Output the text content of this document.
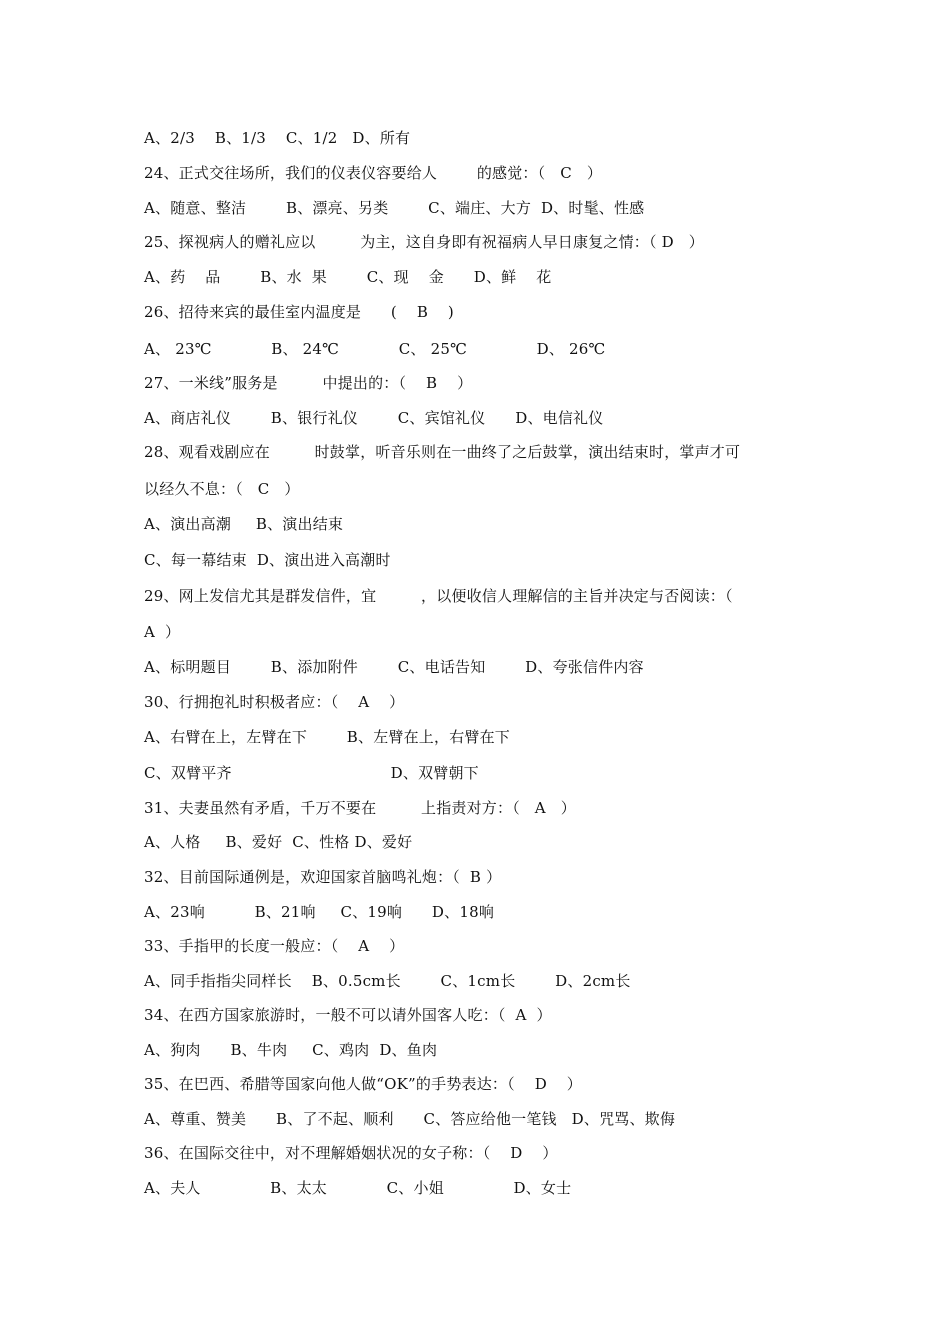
A、2/3    B、1/3    C、1/2   D、所有
24、正式交往场所，我们的仪表仪容要给人        的感觉：（   C   ）
A、随意、整洁        B、漂亮、另类        C、端庄、大方  D、时髦、性感
25、探视病人的赠礼应以         为主，这自身即有祝福病人早日康复之情：（ D   ）
A、药    品        B、水  果        C、现    金      D、鲜    花
26、招待来宾的最佳室内温度是      (    B    )
A、 23℃            B、 24℃            C、 25℃              D、 26℃
27、一米线”服务是         中提出的：（    B    ）
A、商店礼仪        B、银行礼仪        C、宾馆礼仪      D、电信礼仪
28、观看戏剧应在         时鼓掌，听音乐则在一曲终了之后鼓掌，演出结束时，掌声才可
以经久不息：（   C   ）
A、演出高潮     B、演出结束
C、每一幕结束  D、演出进入高潮时
29、网上发信尤其是群发信件，宜         ，以便收信人理解信的主旨并决定与否阅读：（
A  ）
A、标明题目        B、添加附件        C、电话告知        D、夸张信件内容
30、行拥抱礼时积极者应：（    A    ）
A、右臂在上，左臂在下        B、左臂在上，右臂在下
C、双臂平齐                                D、双臂朝下
31、夫妻虽然有矛盾，千万不要在         上指责对方：（   A   ）
A、人格     B、爱好  C、性格 D、爱好
32、目前国际通例是，欢迎国家首脑鸣礼炮：（  B ）
A、23响          B、21响     C、19响      D、18响
33、手指甲的长度一般应：（    A    ）
A、同手指指尖同样长    B、0.5cm长        C、1cm长        D、2cm长
34、在西方国家旅游时，一般不可以请外国客人吃：（  A  ）
A、狗肉      B、牛肉     C、鸡肉  D、鱼肉
35、在巴西、希腊等国家向他人做“OK”的手势表达：（    D    ）
A、尊重、赞美      B、了不起、顺利      C、答应给他一笔钱   D、咒骂、欺侮
36、在国际交往中，对不理解婚姻状况的女子称：（    D    ）
A、夫人              B、太太            C、小姐              D、女士
